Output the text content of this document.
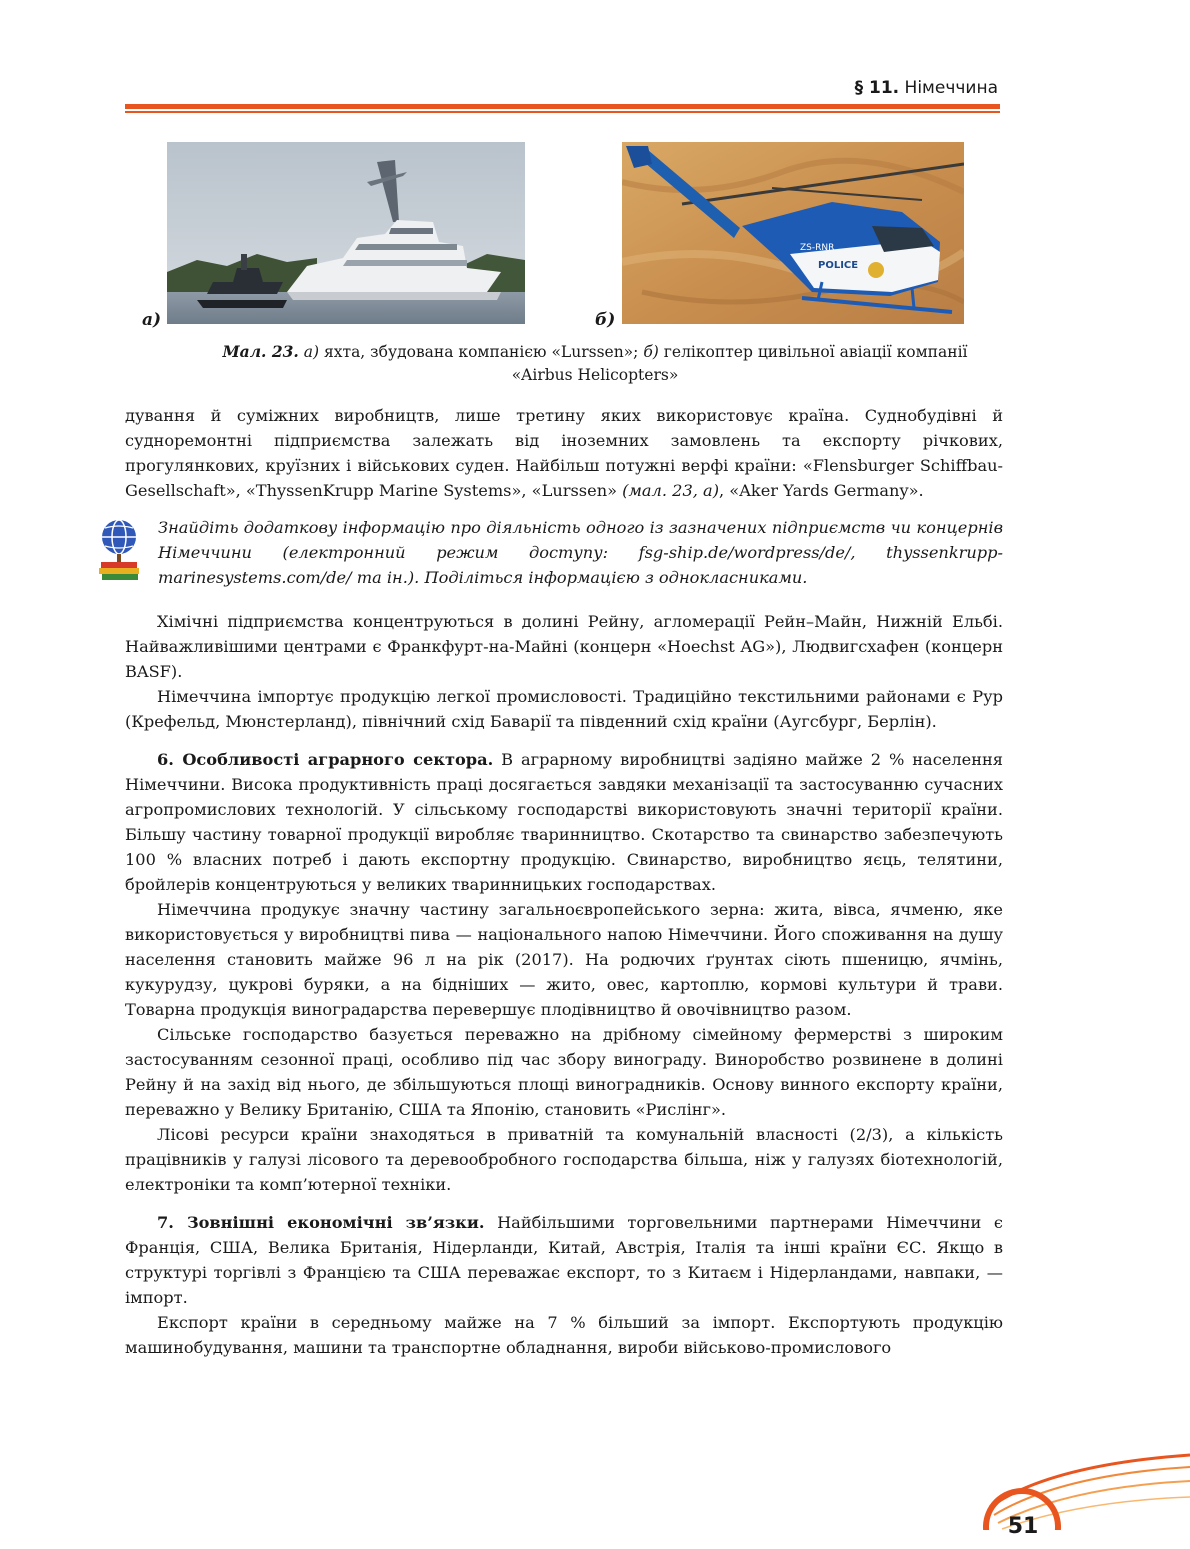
§ 11. Німеччина
ZS-RNR
POLICE
а)	б)
Мал. 23. а) яхта, збудована компанією «Lurssen»; б) гелікоптер цивільної авіації компанії
«Airbus Helicopters»

дування й суміжних виробництв, лише третину яких використовує країна. Суднобудівні й судноремонтні підприємства залежать від іноземних замовлень та експорту річкових, прогулянкових, круїзних і військових суден. Найбільш потужні верфі країни: «Flensburger Schiffbau-Gesellschaft», «ThyssenKrupp Marine Systems», «Lurssen» (мал. 23, а), «Aker Yards Germany».

Знайдіть додаткову інформацію про діяльність одного із зазначених підприємств чи концернів Німеччини (електронний режим доступу: fsg-ship.de/wordpress/de/, thyssenkrupp-marinesystems.com/de/ та ін.). Поділіться інформацією з однокласниками.

Хімічні підприємства концентруються в долині Рейну, агломерації Рейн–Майн, Нижній Ельбі. Найважливішими центрами є Франкфурт-на-Майні (концерн «Hoechst AG»), Людвигсхафен (концерн BASF).

Німеччина імпортує продукцію легкої промисловості. Традиційно текстильними районами є Рур (Крефельд, Мюнстерланд), північний схід Баварії та південний схід країни (Аугсбург, Берлін).

6. Особливості аграрного сектора. В аграрному виробництві задіяно майже 2 % населення Німеччини. Висока продуктивність праці досягається завдяки механізації та застосуванню сучасних агропромислових технологій. У сільському господарстві використовують значні території країни. Більшу частину товарної продукції виробляє тваринництво. Скотарство та свинарство забезпечують 100 % власних потреб і дають експортну продукцію. Свинарство, виробництво яєць, телятини, бройлерів концентруються у великих тваринницьких господарствах.

Німеччина продукує значну частину загальноєвропейського зерна: жита, вівса, ячменю, яке використовується у виробництві пива — національного напою Німеччини. Його споживання на душу населення становить майже 96 л на рік (2017). На родючих ґрунтах сіють пшеницю, ячмінь, кукурудзу, цукрові буряки, а на бідніших — жито, овес, картоплю, кормові культури й трави. Товарна продукція виноградарства перевершує плодівництво й овочівництво разом.

Сільське господарство базується переважно на дрібному сімейному фермерстві з широким застосуванням сезонної праці, особливо під час збору винограду. Виноробство розвинене в долині Рейну й на захід від нього, де збільшуються площі виноградників. Основу винного експорту країни, переважно у Велику Британію, США та Японію, становить «Рислінг».

Лісові ресурси країни знаходяться в приватній та комунальній власності (2/3), а кількість працівників у галузі лісового та деревообробного господарства більша, ніж у галузях біотехнологій, електроніки та комп’ютерної техніки.

7. Зовнішні економічні зв’язки. Найбільшими торговельними партнерами Німеччини є Франція, США, Велика Британія, Нідерланди, Китай, Австрія, Італія та інші країни ЄС. Якщо в структурі торгівлі з Францією та США переважає експорт, то з Китаєм і Нідерландами, навпаки, — імпорт.

Експорт країни в середньому майже на 7 % більший за імпорт. Експортують продукцію машинобудування, машини та транспортне обладнання, вироби військово-промислового

51
